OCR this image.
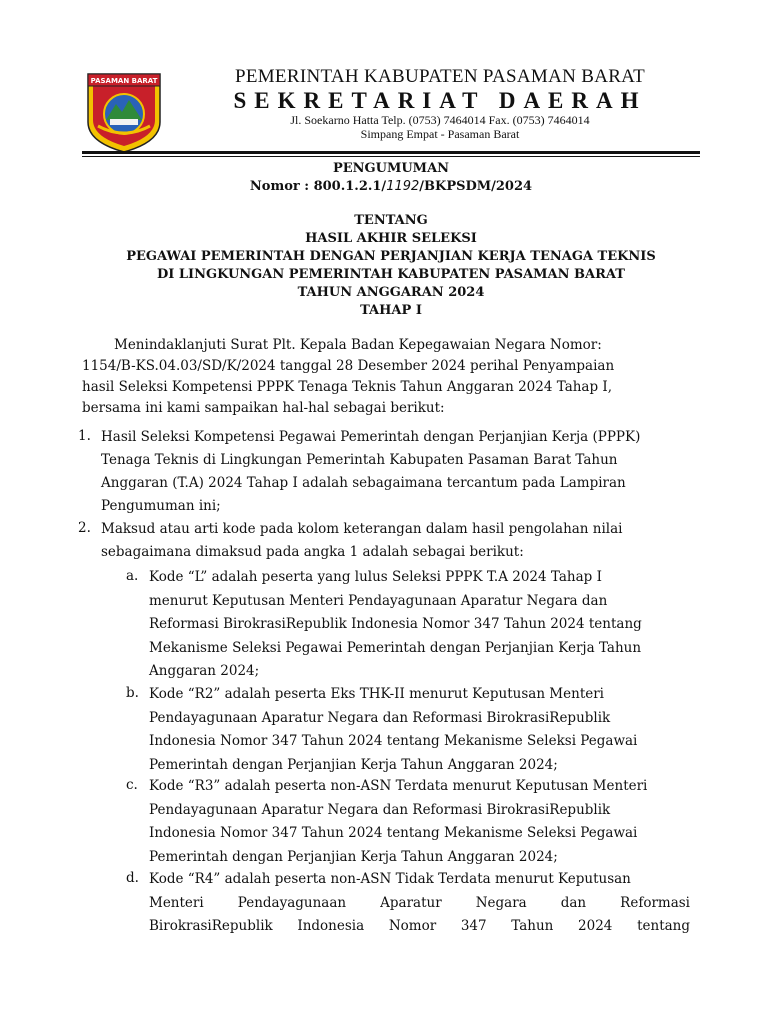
PASAMAN BARAT	PEMERINTAH KABUPATEN PASAMAN BARAT
SEKRETARIAT DAERAH
Jl. Soekarno Hatta Telp. (0753) 7464014 Fax. (0753) 7464014
Simpang Empat - Pasaman Barat
PENGUMUMAN
Nomor : 800.1.2.1/1192/BKPSDM/2024
TENTANG
HASIL AKHIR SELEKSI
PEGAWAI PEMERINTAH DENGAN PERJANJIAN KERJA TENAGA TEKNIS
DI LINGKUNGAN PEMERINTAH KABUPATEN PASAMAN BARAT
TAHUN ANGGARAN 2024
TAHAP I
Menindaklanjuti Surat Plt. Kepala Badan Kepegawaian Negara Nomor:
1154/B-KS.04.03/SD/K/2024 tanggal 28 Desember 2024 perihal Penyampaian
hasil Seleksi Kompetensi PPPK Tenaga Teknis Tahun Anggaran 2024 Tahap I,
bersama ini kami sampaikan hal-hal sebagai berikut:
1. Hasil Seleksi Kompetensi Pegawai Pemerintah dengan Perjanjian Kerja (PPPK)
Tenaga Teknis di Lingkungan Pemerintah Kabupaten Pasaman Barat Tahun
Anggaran (T.A) 2024 Tahap I adalah sebagaimana tercantum pada Lampiran
Pengumuman ini;
2. Maksud atau arti kode pada kolom keterangan dalam hasil pengolahan nilai
sebagaimana dimaksud pada angka 1 adalah sebagai berikut:
a. Kode “L” adalah peserta yang lulus Seleksi PPPK T.A 2024 Tahap I
menurut Keputusan Menteri Pendayagunaan Aparatur Negara dan
Reformasi BirokrasiRepublik Indonesia Nomor 347 Tahun 2024 tentang
Mekanisme Seleksi Pegawai Pemerintah dengan Perjanjian Kerja Tahun
Anggaran 2024;
b. Kode “R2” adalah peserta Eks THK-II menurut Keputusan Menteri
Pendayagunaan Aparatur Negara dan Reformasi BirokrasiRepublik
Indonesia Nomor 347 Tahun 2024 tentang Mekanisme Seleksi Pegawai
Pemerintah dengan Perjanjian Kerja Tahun Anggaran 2024;
c. Kode “R3” adalah peserta non-ASN Terdata menurut Keputusan Menteri
Pendayagunaan Aparatur Negara dan Reformasi BirokrasiRepublik
Indonesia Nomor 347 Tahun 2024 tentang Mekanisme Seleksi Pegawai
Pemerintah dengan Perjanjian Kerja Tahun Anggaran 2024;
d. Kode “R4” adalah peserta non-ASN Tidak Terdata menurut Keputusan
Menteri Pendayagunaan Aparatur Negara dan Reformasi
BirokrasiRepublik Indonesia Nomor 347 Tahun 2024 tentang
